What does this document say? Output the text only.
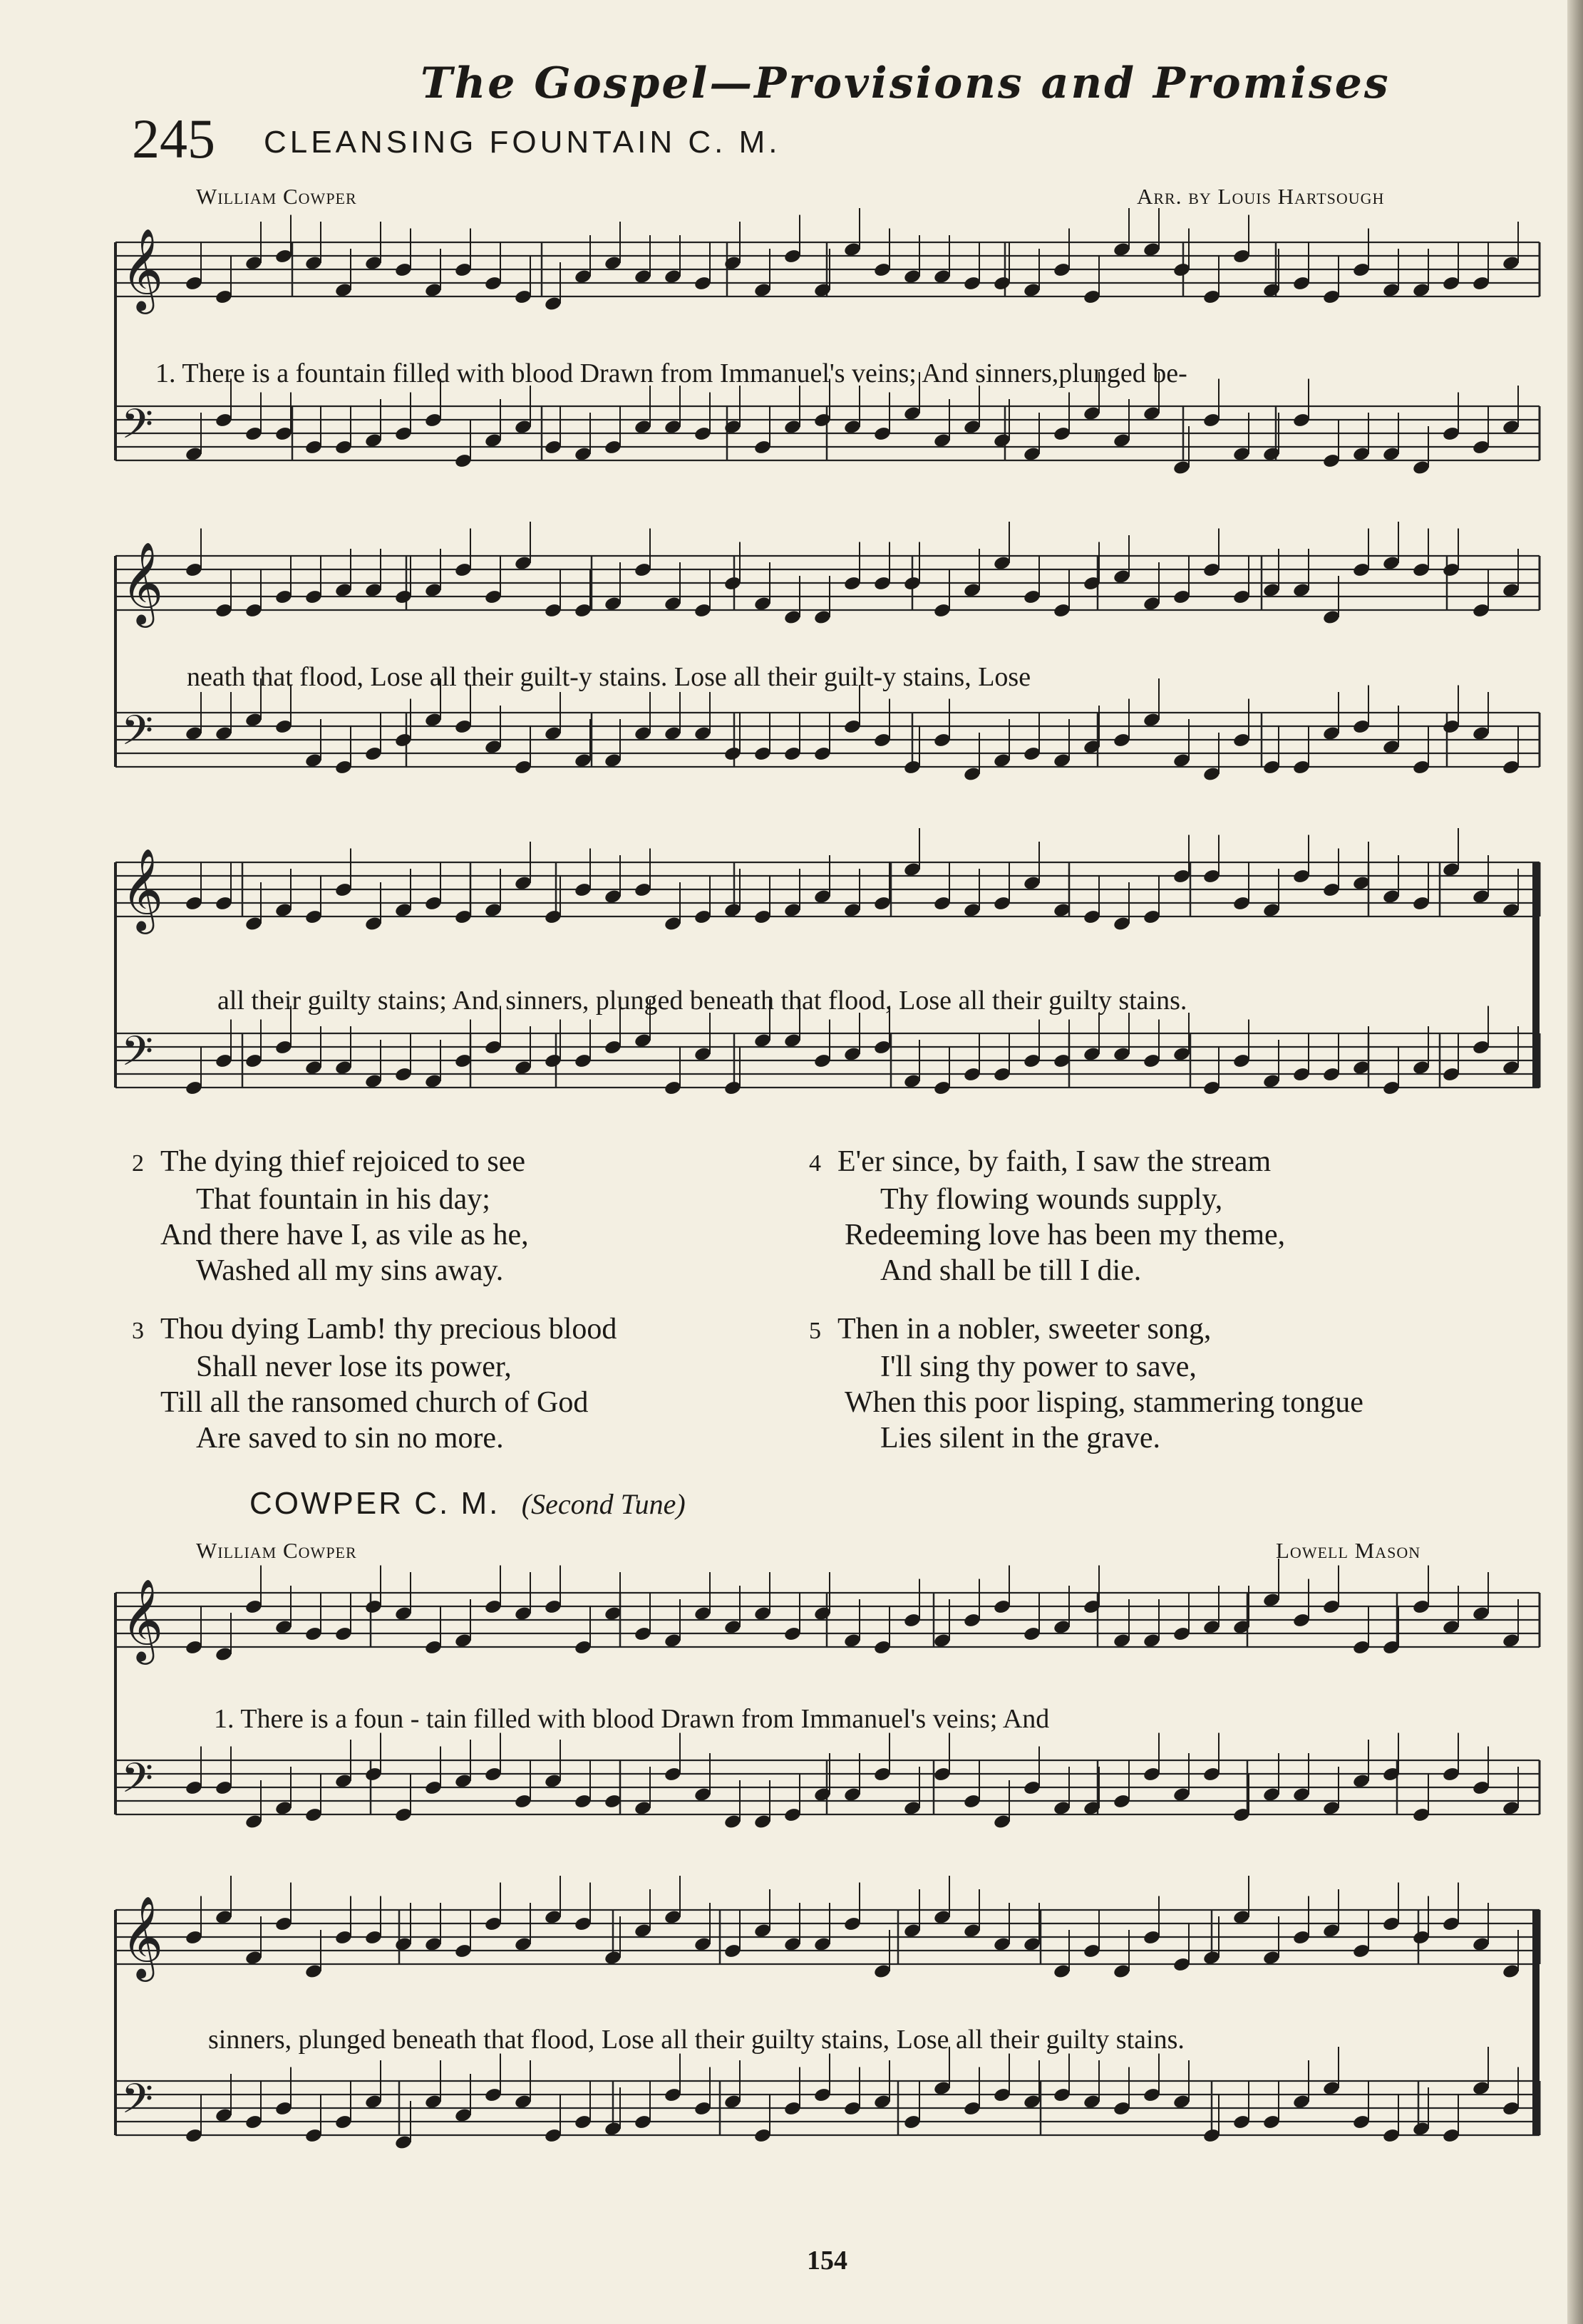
The Gospel—Provisions and Promises
245 CLEANSING FOUNTAIN C. M.
William Cowper	Arr. by Louis Hartsough
𝄞
𝄢
𝄞
𝄢
𝄞
𝄢
𝄞
𝄢
𝄞
𝄢
1. There is a fountain filled with blood Drawn from Immanuel's veins; And sinners,plunged be-
neath that flood, Lose all their guilt-y stains. Lose all their guilt-y stains, Lose
all their guilty stains; And sinners, plunged beneath that flood, Lose all their guilty stains.
2 The dying thief rejoiced to see
That fountain in his day;
And there have I, as vile as he,
Washed all my sins away.
4 E'er since, by faith, I saw the stream
Thy flowing wounds supply,
Redeeming love has been my theme,
And shall be till I die.
3 Thou dying Lamb! thy precious blood
Shall never lose its power,
Till all the ransomed church of God
Are saved to sin no more.
5 Then in a nobler, sweeter song,
I'll sing thy power to save,
When this poor lisping, stammering tongue
Lies silent in the grave.
COWPER C. M. (Second Tune)
William Cowper	Lowell Mason
1. There is a foun - tain filled with blood Drawn from Immanuel's veins; And
sinners, plunged beneath that flood, Lose all their guilty stains, Lose all their guilty stains.
154
